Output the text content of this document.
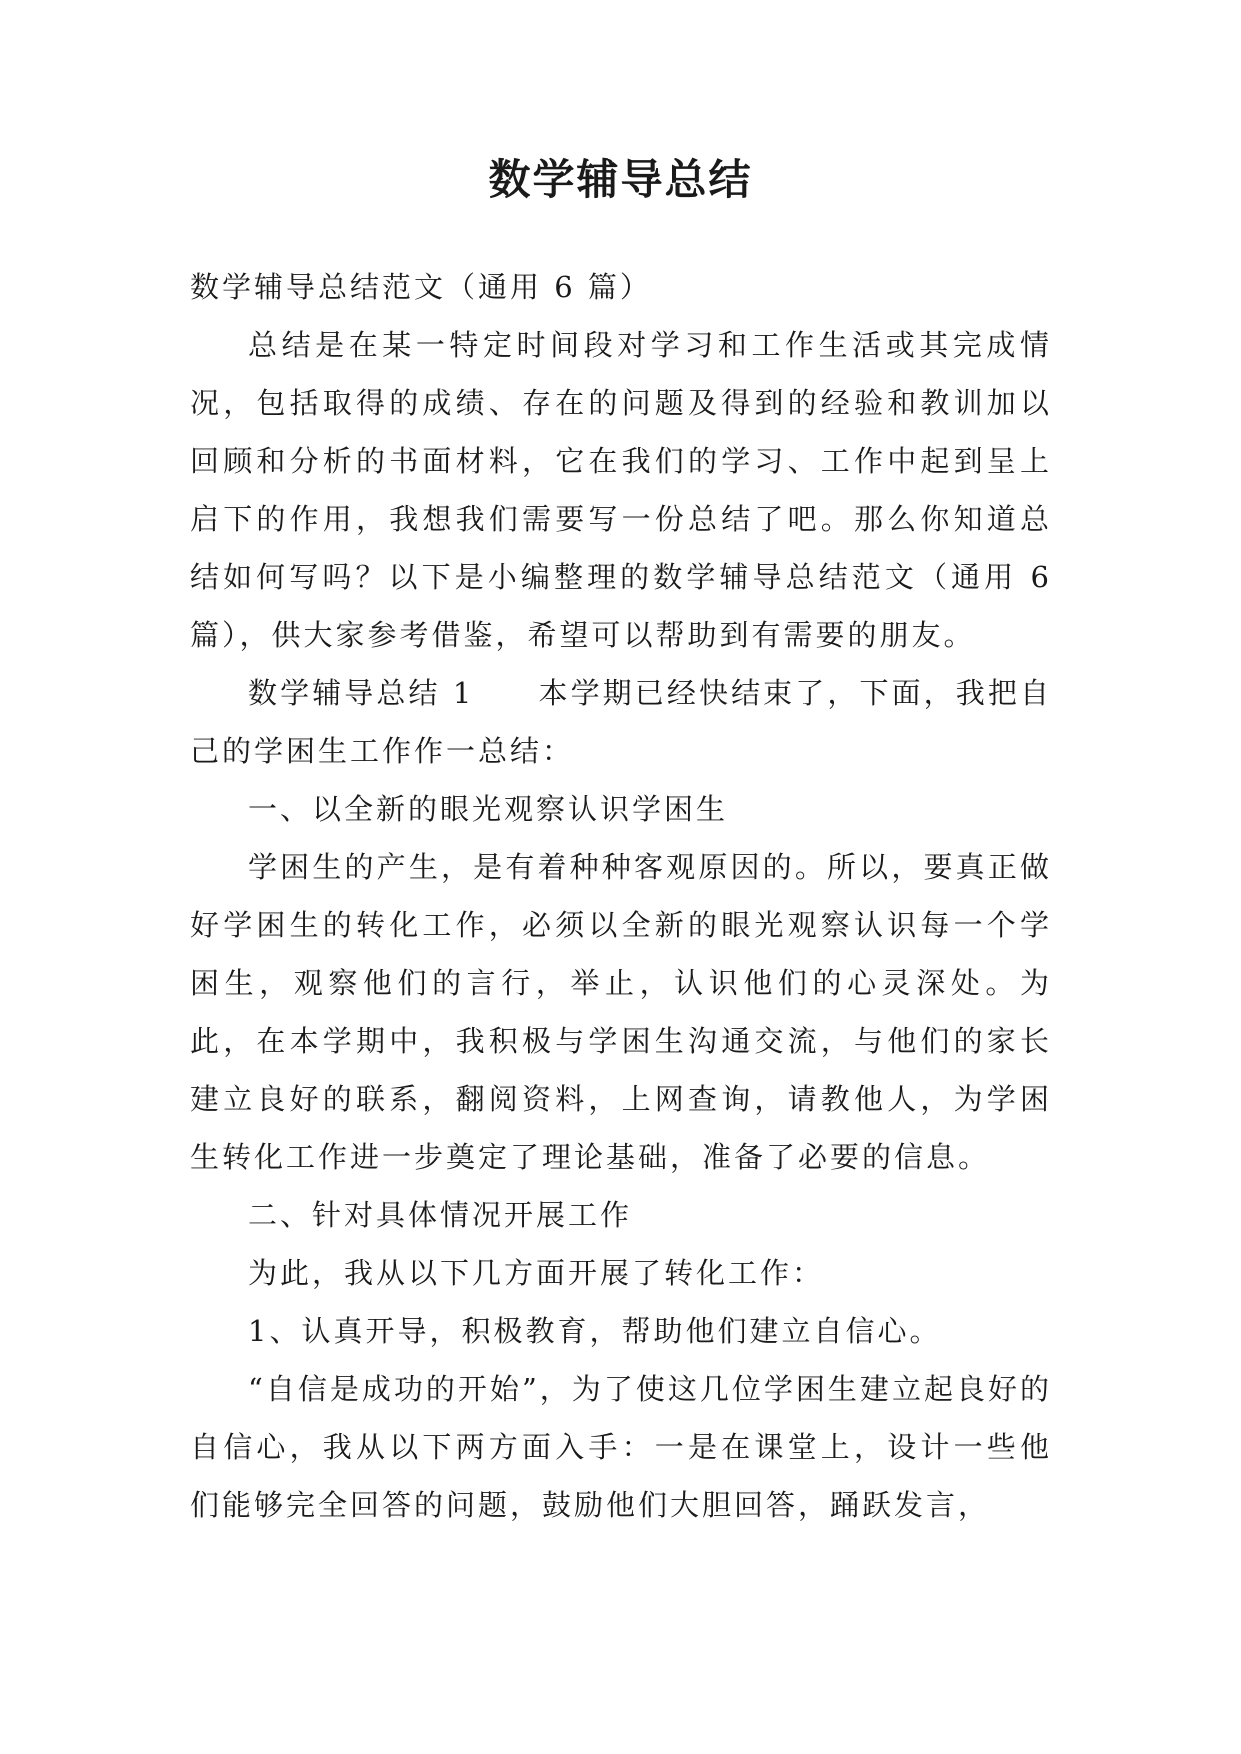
数学辅导总结

数学辅导总结范文（通用 6 篇）

总结是在某一特定时间段对学习和工作生活或其完成情况，包括取得的成绩、存在的问题及得到的经验和教训加以回顾和分析的书面材料，它在我们的学习、工作中起到呈上启下的作用，我想我们需要写一份总结了吧。那么你知道总结如何写吗？以下是小编整理的数学辅导总结范文（通用 6 篇），供大家参考借鉴，希望可以帮助到有需要的朋友。

数学辅导总结 1 本学期已经快结束了，下面，我把自己的学困生工作作一总结：

一、以全新的眼光观察认识学困生

学困生的产生，是有着种种客观原因的。所以，要真正做好学困生的转化工作，必须以全新的眼光观察认识每一个学困生，观察他们的言行，举止，认识他们的心灵深处。为此，在本学期中，我积极与学困生沟通交流，与他们的家长建立良好的联系，翻阅资料，上网查询，请教他人，为学困生转化工作进一步奠定了理论基础，准备了必要的信息。

二、针对具体情况开展工作

为此，我从以下几方面开展了转化工作：

1、认真开导，积极教育，帮助他们建立自信心。

“自信是成功的开始”，为了使这几位学困生建立起良好的自信心，我从以下两方面入手：一是在课堂上，设计一些他们能够完全回答的问题，鼓励他们大胆回答，踊跃发言，
